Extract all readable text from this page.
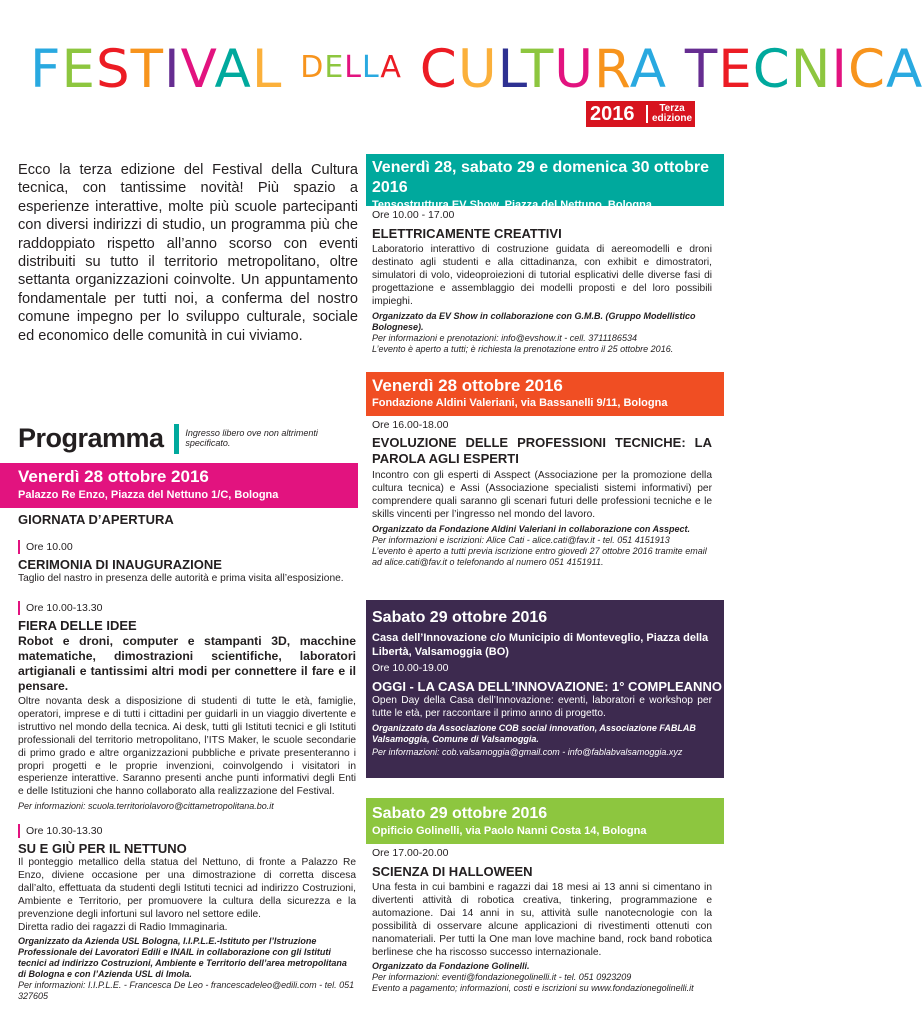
FESTIVAL DELLA CULTURA TECNICA
2016	Terza
edizione

Ecco la terza edizione del Festival della Cultura tecnica, con tantissime novità! Più spazio a esperienze interattive, molte più scuole partecipanti con diversi indirizzi di studio, un programma più che raddoppiato rispetto all’anno scorso con eventi distribuiti su tutto il territorio metropolitano, oltre settanta organizzazioni coinvolte. Un appuntamento fondamentale per tutti noi, a conferma del nostro comune impegno per lo sviluppo culturale, sociale ed economico delle comunità in cui viviamo.

Programma Ingresso libero ove non altrimenti specificato.
Venerdì 28 ottobre 2016
Palazzo Re Enzo, Piazza del Nettuno 1/C, Bologna
GIORNATA D’APERTURA
Ore 10.00
CERIMONIA DI INAUGURAZIONE
Taglio del nastro in presenza delle autorità e prima visita all’esposizione.
Ore 10.00-13.30
FIERA DELLE IDEE
Robot e droni, computer e stampanti 3D, macchine matematiche, dimostrazioni scientifiche, laboratori artigianali e tantissimi altri modi per connettere il fare e il pensare.
Oltre novanta desk a disposizione di studenti di tutte le età, famiglie, operatori, imprese e di tutti i cittadini per guidarli in un viaggio divertente e istruttivo nel mondo della tecnica. Ai desk, tutti gli Istituti tecnici e gli Istituti professionali del territorio metropolitano, l’ITS Maker, le scuole secondarie di primo grado e altre organizzazioni pubbliche e private presenteranno i propri progetti e le proprie invenzioni, coinvolgendo i visitatori in esperienze interattive. Saranno presenti anche punti informativi degli Enti e delle Istituzioni che hanno collaborato alla realizzazione del Festival.
Per informazioni: scuola.territoriolavoro@cittametropolitana.bo.it
Ore 10.30-13.30
SU E GIÙ PER IL NETTUNO
Il ponteggio metallico della statua del Nettuno, di fronte a Palazzo Re Enzo, diviene occasione per una dimostrazione di corretta discesa dall’alto, effettuata da studenti degli Istituti tecnici ad indirizzo Costruzioni, Ambiente e Territorio, per promuovere la cultura della sicurezza e la prevenzione degli infortuni sul lavoro nel settore edile.
Diretta radio dei ragazzi di Radio Immaginaria.
Organizzato da Azienda USL Bologna, I.I.P.L.E.-Istituto per l’Istruzione Professionale dei Lavoratori Edili e INAIL in collaborazione con gli Istituti tecnici ad indirizzo Costruzioni, Ambiente e Territorio dell’area metropolitana di Bologna e con l’Azienda USL di Imola.
Per informazioni: I.I.P.L.E. - Francesca De Leo - francescadeleo@edili.com - tel. 051 327605
Venerdì 28, sabato 29 e domenica 30 ottobre 2016
Tensostruttura EV Show, Piazza del Nettuno, Bologna
Ore 10.00 - 17.00
ELETTRICAMENTE CREATTIVI
Laboratorio interattivo di costruzione guidata di aereomodelli e droni destinato agli studenti e alla cittadinanza, con exhibit e dimostratori, simulatori di volo, videoproiezioni di tutorial esplicativi delle diverse fasi di progettazione e assemblaggio dei modelli proposti e del loro possibili impieghi.
Organizzato da EV Show in collaborazione con G.M.B. (Gruppo Modellistico Bolognese).
Per informazioni e prenotazioni: info@evshow.it - cell. 3711186534
L’evento è aperto a tutti; è richiesta la prenotazione entro il 25 ottobre 2016.
Venerdì 28 ottobre 2016
Fondazione Aldini Valeriani, via Bassanelli 9/11, Bologna
Ore 16.00-18.00
EVOLUZIONE DELLE PROFESSIONI TECNICHE: LA PAROLA AGLI ESPERTI
Incontro con gli esperti di Asspect (Associazione per la promozione della cultura tecnica) e Assi (Associazione specialisti sistemi informativi) per comprendere quali saranno gli scenari futuri delle professioni tecniche e le skills vincenti per l’ingresso nel mondo del lavoro.
Organizzato da Fondazione Aldini Valeriani in collaborazione con Asspect.
Per informazioni e iscrizioni: Alice Cati - alice.cati@fav.it - tel. 051 4151913
L’evento è aperto a tutti previa iscrizione entro giovedì 27 ottobre 2016 tramite email ad alice.cati@fav.it o telefonando al numero 051 4151911.
Sabato 29 ottobre 2016
Casa dell’Innovazione c/o Municipio di Monteveglio, Piazza della Libertà, Valsamoggia (BO)
Ore 10.00-19.00
OGGI - LA CASA DELL’INNOVAZIONE: 1° COMPLEANNO
Open Day della Casa dell’Innovazione: eventi, laboratori e workshop per tutte le età, per raccontare il primo anno di progetto.
Organizzato da Associazione COB social innovation, Associazione FABLAB Valsamoggia, Comune di Valsamoggia.
Per informazioni: cob.valsamoggia@gmail.com - info@fablabvalsamoggia.xyz
Sabato 29 ottobre 2016
Opificio Golinelli, via Paolo Nanni Costa 14, Bologna
Ore 17.00-20.00
SCIENZA DI HALLOWEEN
Una festa in cui bambini e ragazzi dai 18 mesi ai 13 anni si cimentano in divertenti attività di robotica creativa, tinkering, programmazione e automazione. Dai 14 anni in su, attività sulle nanotecnologie con la possibilità di osservare alcune applicazioni di rivestimenti ottenuti con nanomateriali. Per tutti la One man love machine band, rock band robotica berlinese che ha riscosso successo internazionale.
Organizzato da Fondazione Golinelli.
Per informazioni: eventi@fondazionegolinelli.it - tel. 051 0923209
Evento a pagamento; informazioni, costi e iscrizioni su www.fondazionegolinelli.it
